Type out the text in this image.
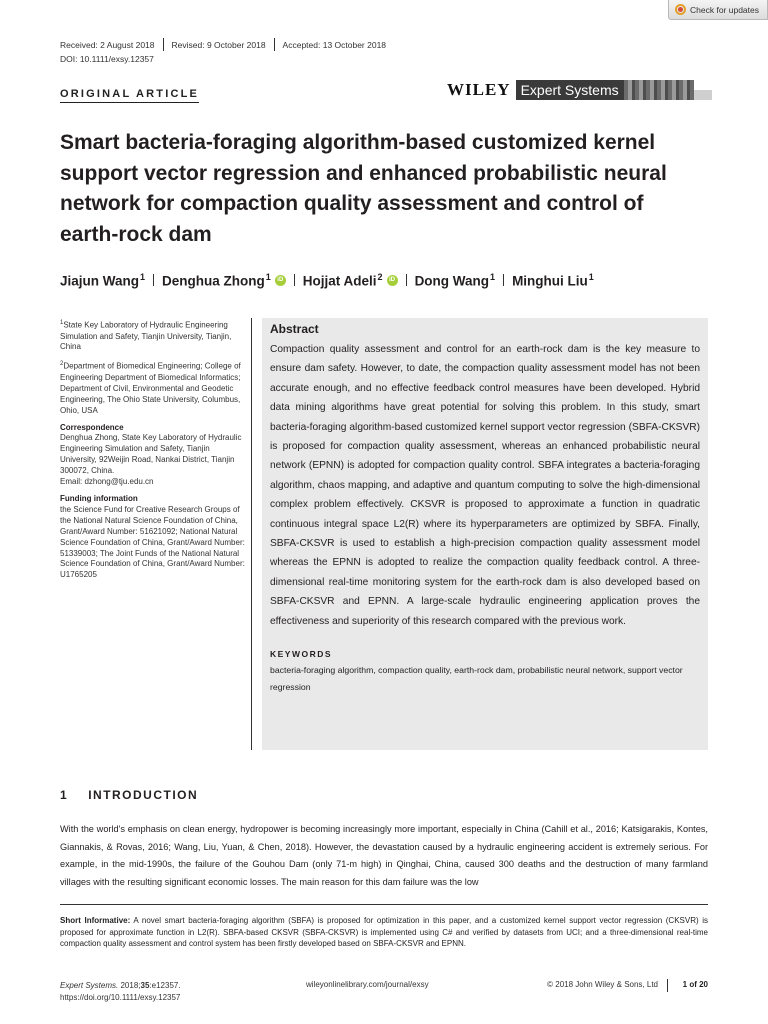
Check for updates
Received: 2 August 2018	Revised: 9 October 2018	Accepted: 13 October 2018
DOI: 10.1111/exsy.12357
ORIGINAL ARTICLE	WILEY Expert Systems
Smart bacteria-foraging algorithm-based customized kernel support vector regression and enhanced probabilistic neural network for compaction quality assessment and control of earth-rock dam
Jiajun Wang$^1$ Denghua Zhong$^1$	iD Hojjat Adeli$^2$	iD Dong Wang$^1$ Minghui Liu$^1$

$^1$State Key Laboratory of Hydraulic Engineering Simulation and Safety, Tianjin University, Tianjin, China

$^2$Department of Biomedical Engineering; College of Engineering Department of Biomedical Informatics; Department of Civil, Environmental and Geodetic Engineering, The Ohio State University, Columbus, Ohio, USA

Correspondence

Denghua Zhong, State Key Laboratory of Hydraulic Engineering Simulation and Safety, Tianjin University, 92Weijin Road, Nankai District, Tianjin 300072, China.

Email: dzhong@tju.edu.cn

Funding information

the Science Fund for Creative Research Groups of the National Natural Science Foundation of China, Grant/Award Number: 51621092; National Natural Science Foundation of China, Grant/Award Number: 51339003; The Joint Funds of the National Natural Science Foundation of China, Grant/Award Number: U1765205

Abstract

Compaction quality assessment and control for an earth-rock dam is the key measure to ensure dam safety. However, to date, the compaction quality assessment model has not been accurate enough, and no effective feedback control measures have been developed. Hybrid data mining algorithms have great potential for solving this problem. In this study, smart bacteria-foraging algorithm-based customized kernel support vector regression (SBFA-CKSVR) is proposed for compaction quality assessment, whereas an enhanced probabilistic neural network (EPNN) is adopted for compaction quality control. SBFA integrates a bacteria-foraging algorithm, chaos mapping, and adaptive and quantum computing to solve the high-dimensional complex problem effectively. CKSVR is proposed to approximate a function in quadratic continuous integral space L2(R) where its hyperparameters are optimized by SBFA. Finally, SBFA-CKSVR is used to establish a high-precision compaction quality assessment model whereas the EPNN is adopted to realize the compaction quality feedback control. A three-dimensional real-time monitoring system for the earth-rock dam is also developed based on SBFA-CKSVR and EPNN. A large-scale hydraulic engineering application proves the effectiveness and superiority of this research compared with the previous work.

KEYWORDS

bacteria-foraging algorithm, compaction quality, earth-rock dam, probabilistic neural network, support vector regression

1 INTRODUCTION

With the world's emphasis on clean energy, hydropower is becoming increasingly more important, especially in China (Cahill et al., 2016; Katsigarakis, Kontes, Giannakis, & Rovas, 2016; Wang, Liu, Yuan, & Chen, 2018). However, the devastation caused by a hydraulic engineering accident is extremely serious. For example, in the mid-1990s, the failure of the Gouhou Dam (only 71-m high) in Qinghai, China, caused 300 deaths and the destruction of many farmland villages with the resulting significant economic losses. The main reason for this dam failure was the low

Short Informative: A novel smart bacteria-foraging algorithm (SBFA) is proposed for optimization in this paper, and a customized kernel support vector regression (CKSVR) is proposed for approximate function in L2(R). SBFA-based CKSVR (SBFA-CKSVR) is implemented using C# and verified by datasets from UCI; and a three-dimensional real-time compaction quality assessment and control system has been firstly developed based on SBFA-CKSVR and EPNN.

Expert Systems. 2018;35:e12357.
https://doi.org/10.1111/exsy.12357
wileyonlinelibrary.com/journal/exsy	© 2018 John Wiley & Sons, Ltd	1 of 20
